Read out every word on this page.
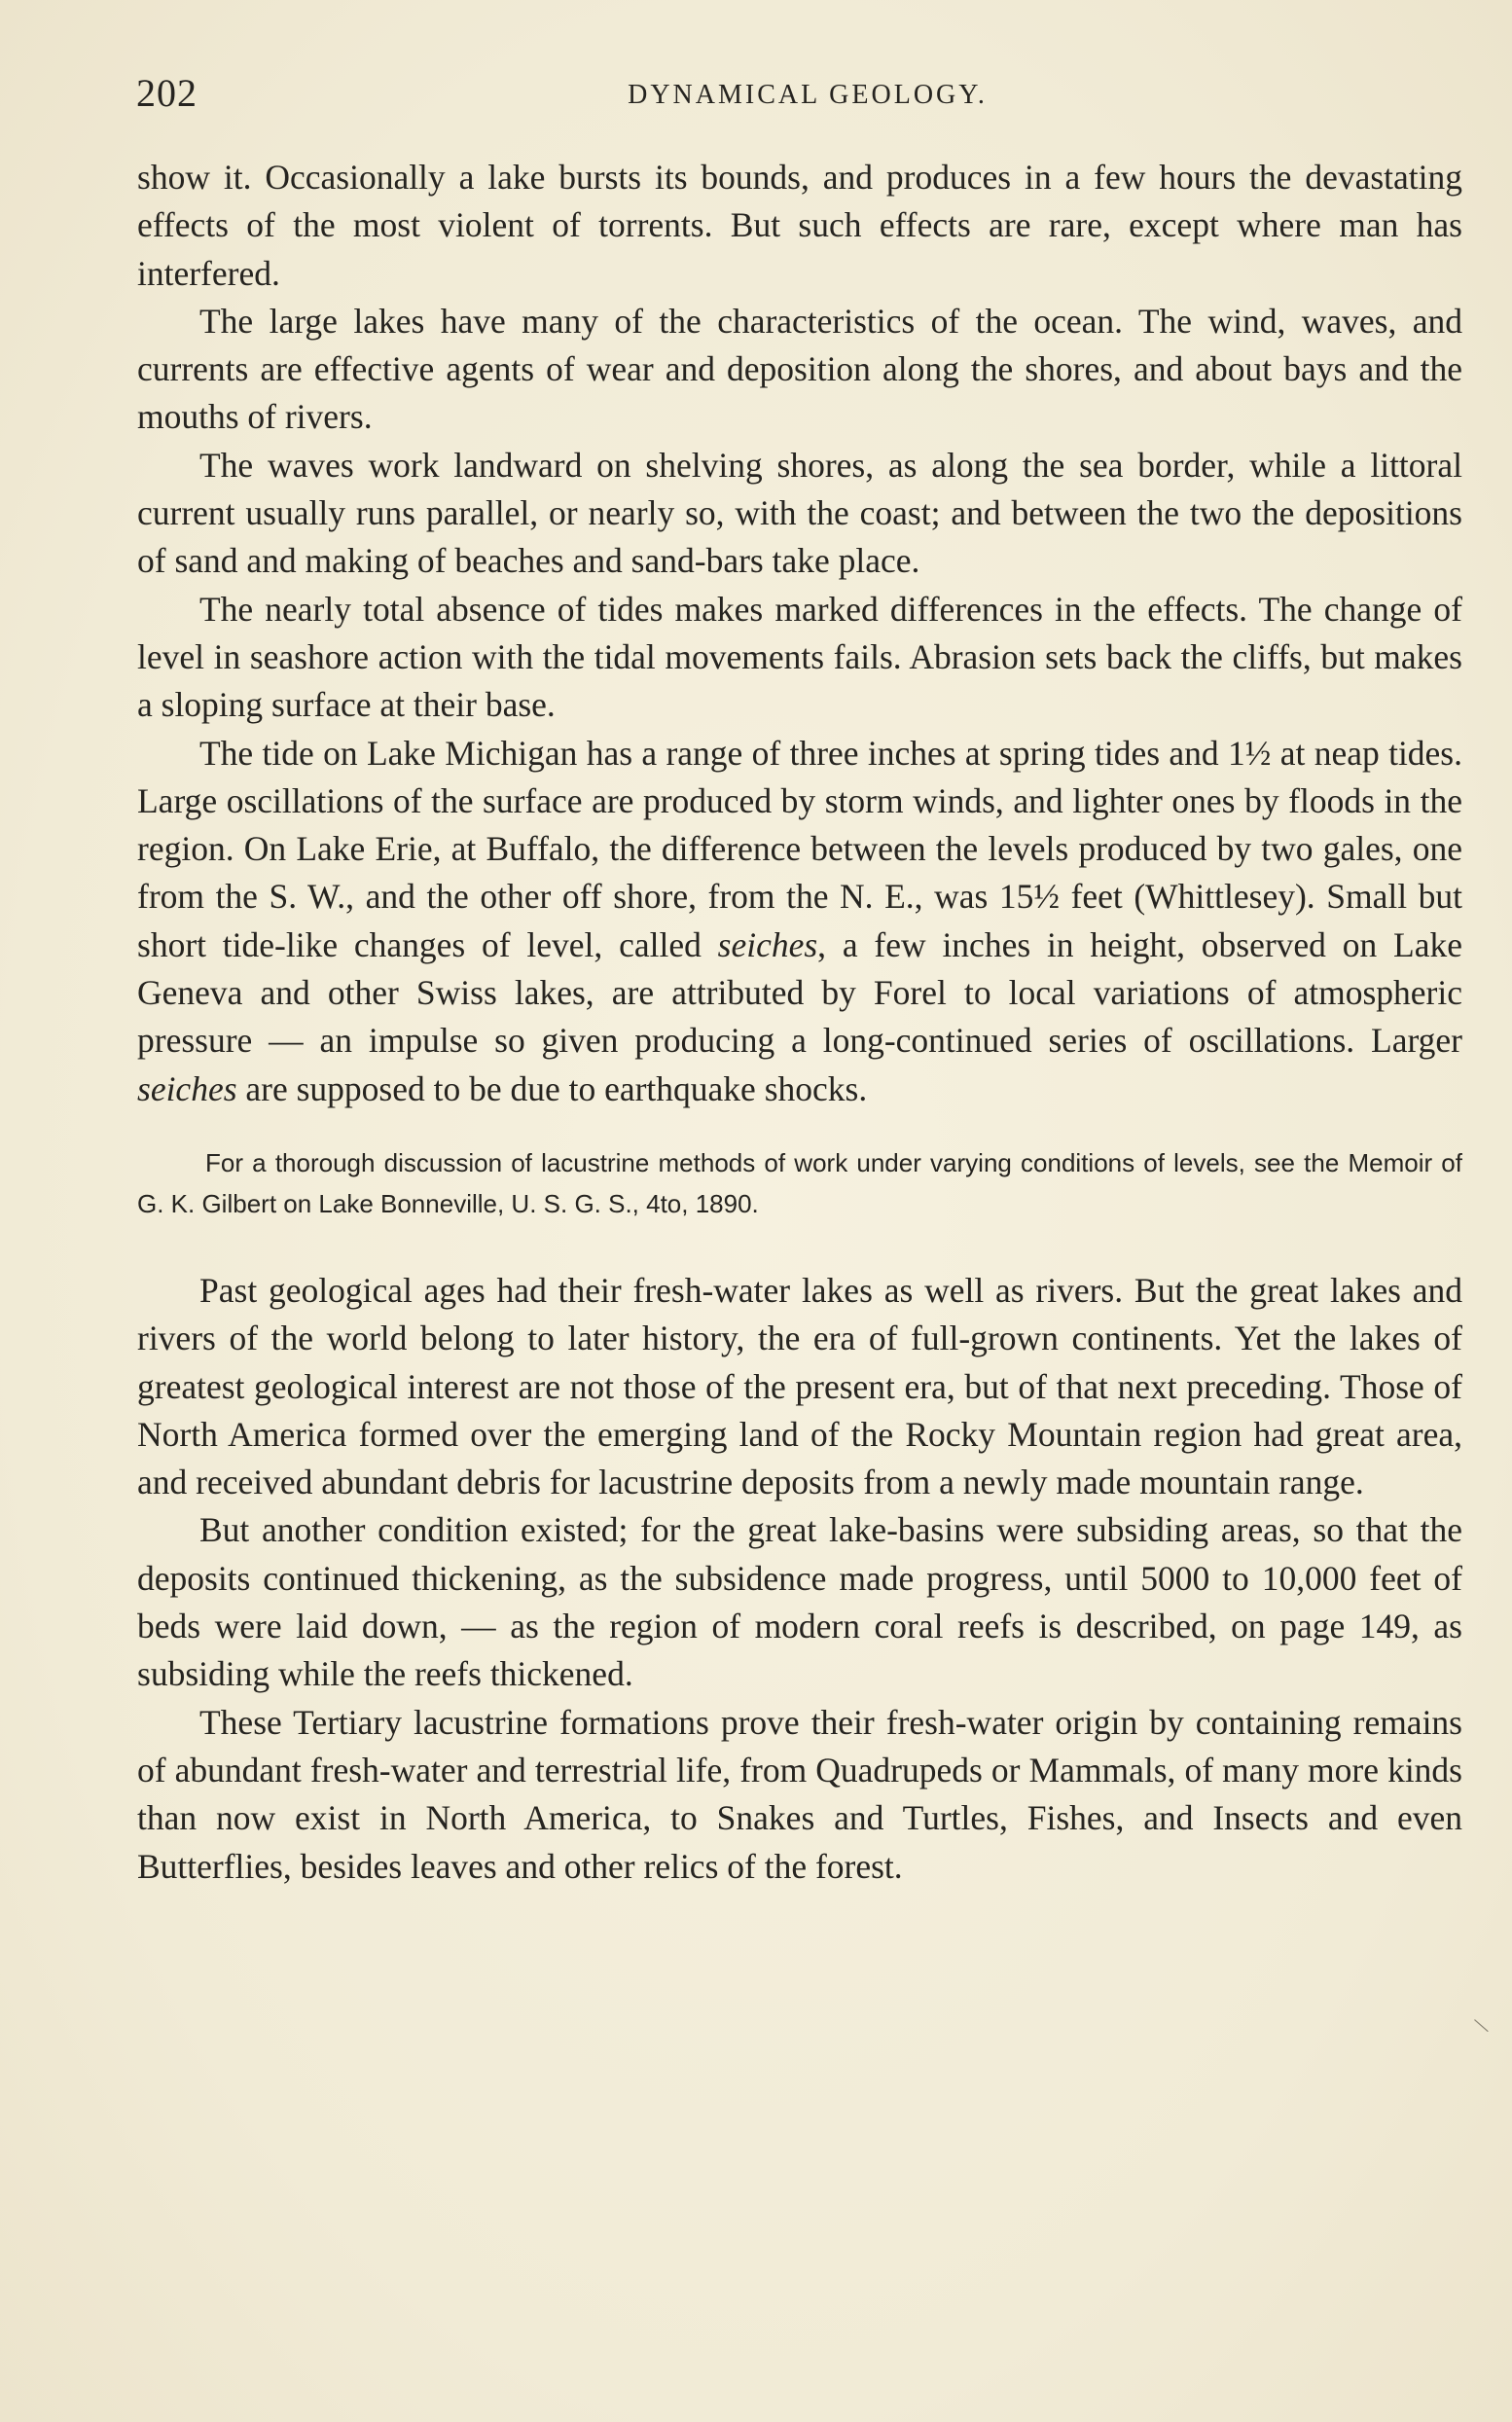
202	DYNAMICAL GEOLOGY.

show it. Occasionally a lake bursts its bounds, and produces in a few hours the devastating effects of the most violent of torrents. But such effects are rare, except where man has interfered.

The large lakes have many of the characteristics of the ocean. The wind, waves, and currents are effective agents of wear and deposition along the shores, and about bays and the mouths of rivers.

The waves work landward on shelving shores, as along the sea border, while a littoral current usually runs parallel, or nearly so, with the coast; and between the two the depositions of sand and making of beaches and sand-bars take place.

The nearly total absence of tides makes marked differences in the effects. The change of level in seashore action with the tidal movements fails. Abrasion sets back the cliffs, but makes a sloping surface at their base.

The tide on Lake Michigan has a range of three inches at spring tides and 1½ at neap tides. Large oscillations of the surface are produced by storm winds, and lighter ones by floods in the region. On Lake Erie, at Buffalo, the difference between the levels produced by two gales, one from the S. W., and the other off shore, from the N. E., was 15½ feet (Whittlesey). Small but short tide-like changes of level, called seiches, a few inches in height, observed on Lake Geneva and other Swiss lakes, are attributed by Forel to local variations of atmospheric pressure — an impulse so given producing a long-continued series of oscillations. Larger seiches are supposed to be due to earthquake shocks.

For a thorough discussion of lacustrine methods of work under varying conditions of levels, see the Memoir of G. K. Gilbert on Lake Bonneville, U. S. G. S., 4to, 1890.

Past geological ages had their fresh-water lakes as well as rivers. But the great lakes and rivers of the world belong to later history, the era of full-grown continents. Yet the lakes of greatest geological interest are not those of the present era, but of that next preceding. Those of North America formed over the emerging land of the Rocky Mountain region had great area, and received abundant debris for lacustrine deposits from a newly made mountain range.

But another condition existed; for the great lake-basins were subsiding areas, so that the deposits continued thickening, as the subsidence made progress, until 5000 to 10,000 feet of beds were laid down, — as the region of modern coral reefs is described, on page 149, as subsiding while the reefs thickened.

These Tertiary lacustrine formations prove their fresh-water origin by containing remains of abundant fresh-water and terrestrial life, from Quadrupeds or Mammals, of many more kinds than now exist in North America, to Snakes and Turtles, Fishes, and Insects and even Butterflies, besides leaves and other relics of the forest.

\
